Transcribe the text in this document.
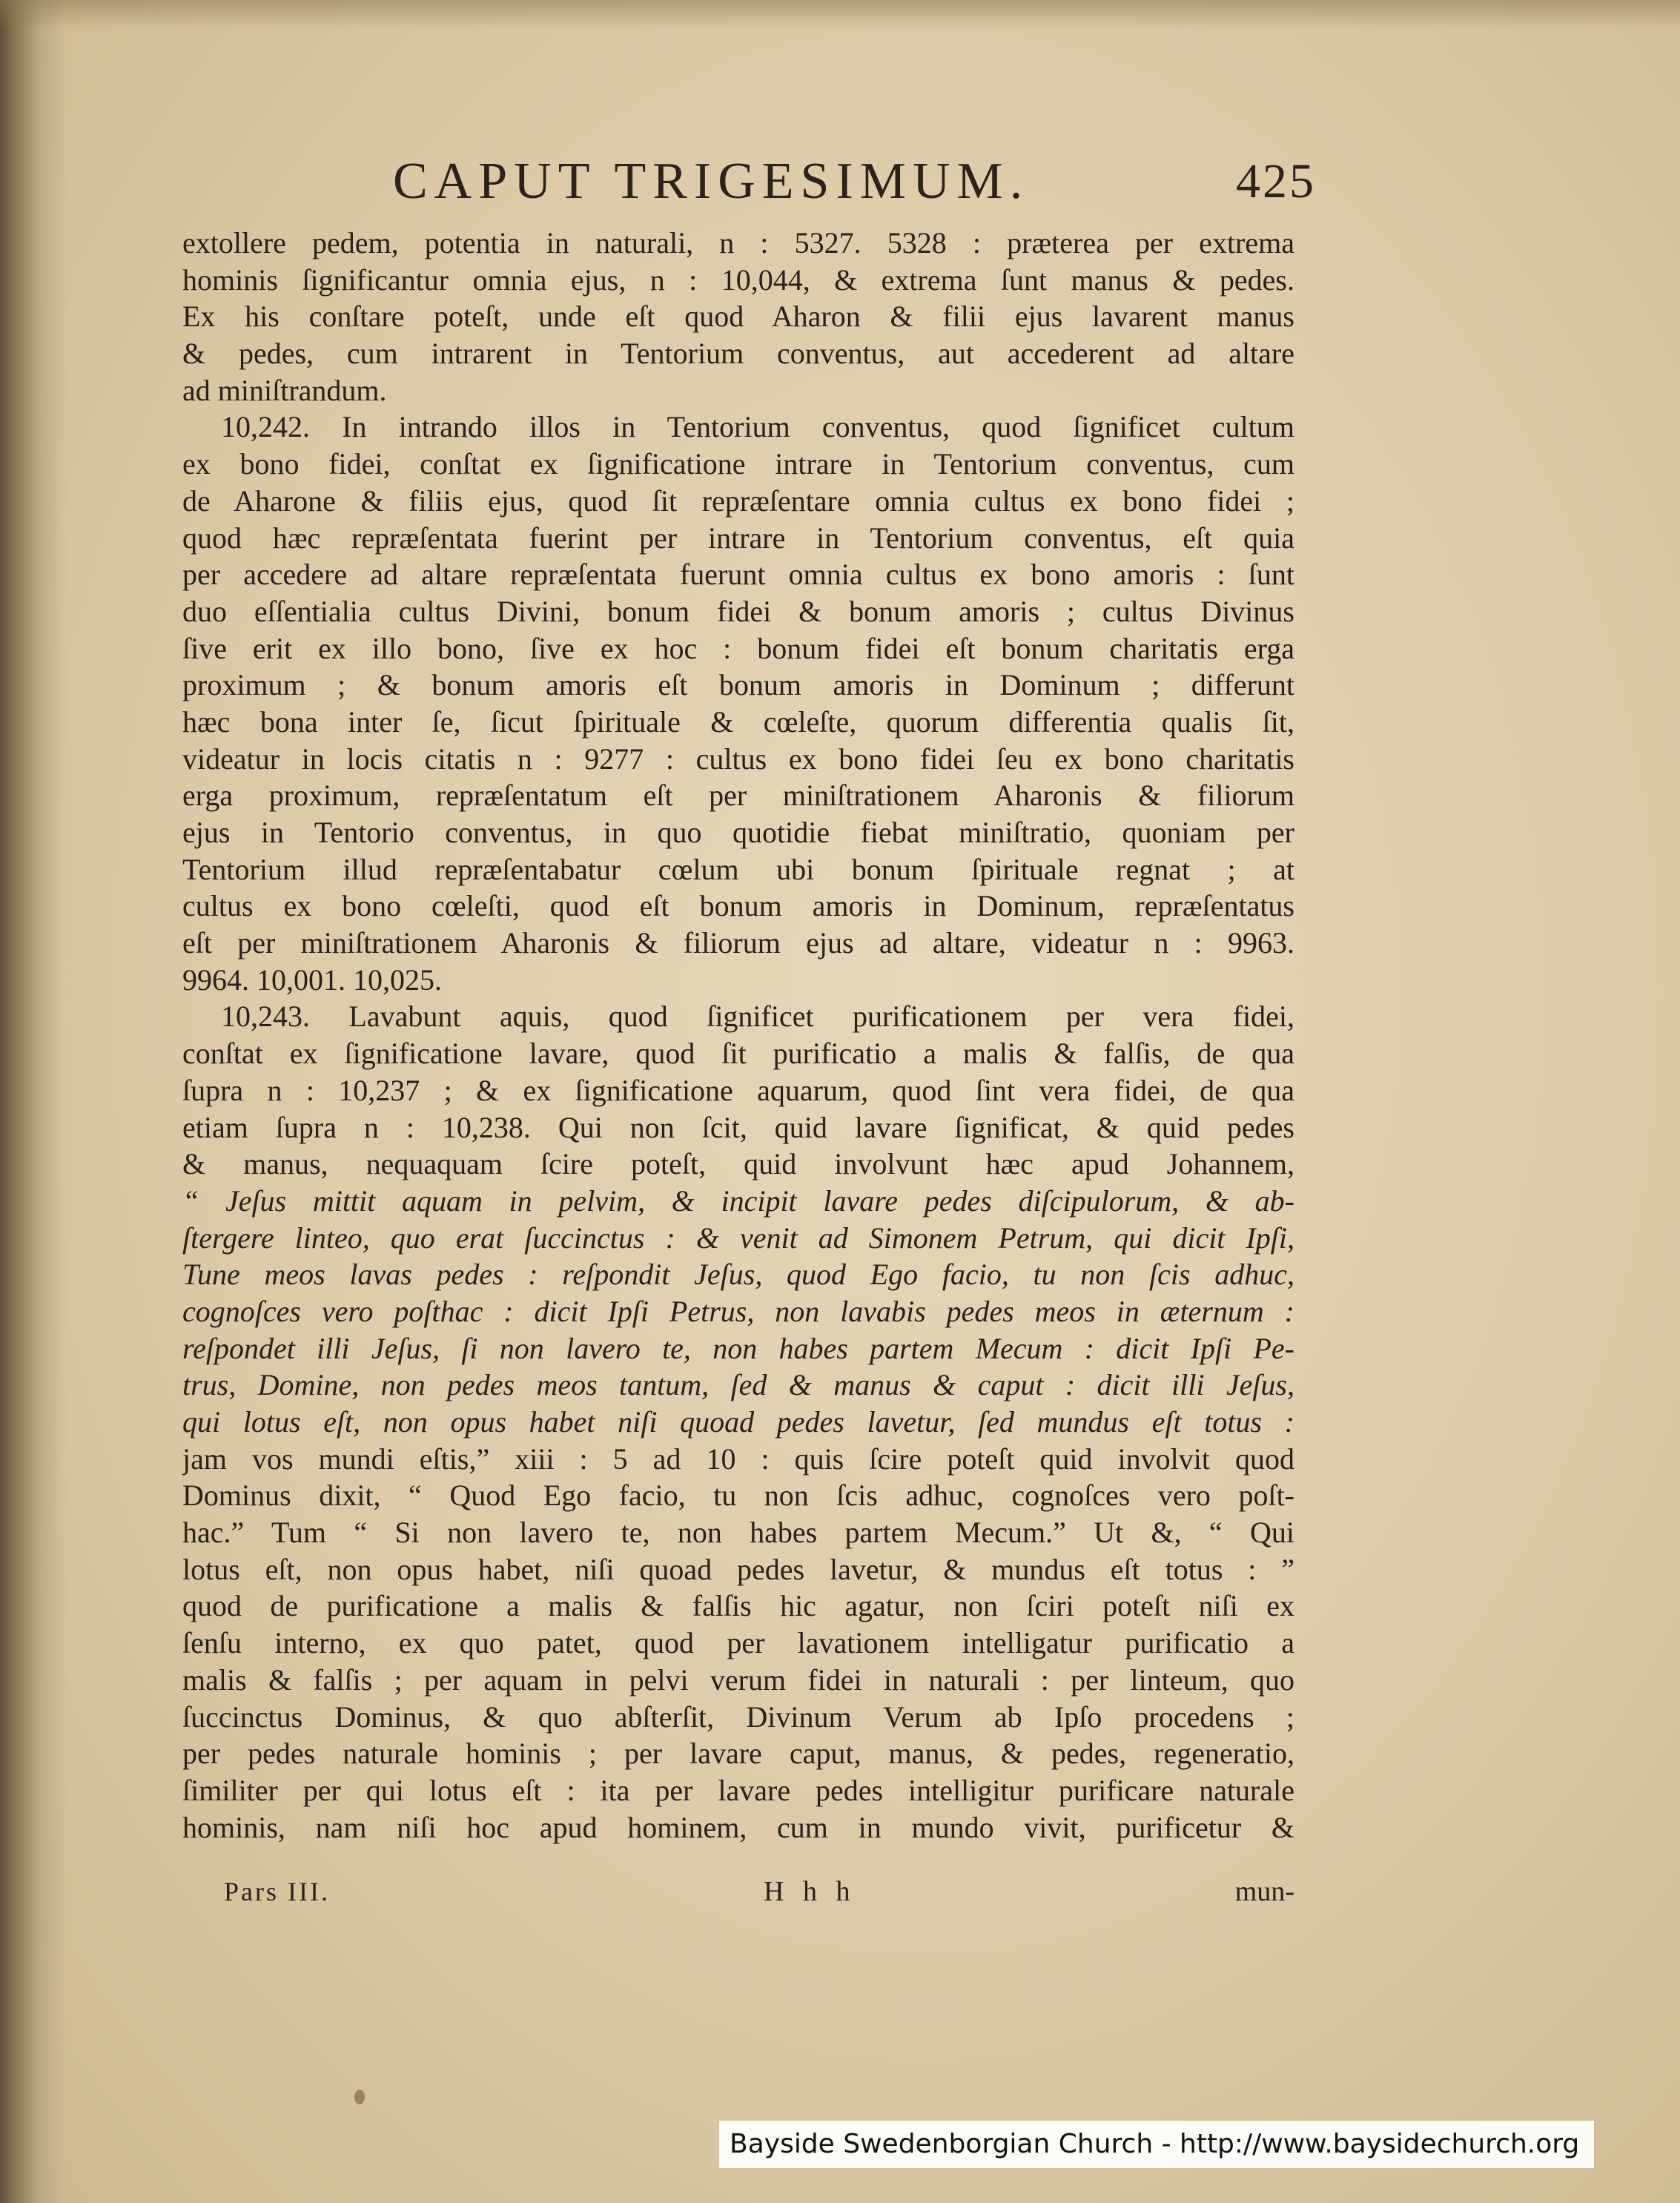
CAPUT TRIGESIMUM.	425
extollere pedem, potentia in naturali, n : 5327. 5328 : præterea per extrema
hominis ſignificantur omnia ejus, n : 10,044, & extrema ſunt manus & pedes.
Ex his conſtare poteſt, unde eſt quod Aharon & filii ejus lavarent manus
& pedes, cum intrarent in Tentorium conventus, aut accederent ad altare
ad miniſtrandum.
10,242. In intrando illos in Tentorium conventus, quod ſignificet cultum
ex bono fidei, conſtat ex ſignificatione intrare in Tentorium conventus, cum
de Aharone & filiis ejus, quod ſit repræſentare omnia cultus ex bono fidei ;
quod hæc repræſentata fuerint per intrare in Tentorium conventus, eſt quia
per accedere ad altare repræſentata fuerunt omnia cultus ex bono amoris : ſunt
duo eſſentialia cultus Divini, bonum fidei & bonum amoris ; cultus Divinus
ſive erit ex illo bono, ſive ex hoc : bonum fidei eſt bonum charitatis erga
proximum ; & bonum amoris eſt bonum amoris in Dominum ; differunt
hæc bona inter ſe, ſicut ſpirituale & cœleſte, quorum differentia qualis ſit,
videatur in locis citatis n : 9277 : cultus ex bono fidei ſeu ex bono charitatis
erga proximum, repræſentatum eſt per miniſtrationem Aharonis & filiorum
ejus in Tentorio conventus, in quo quotidie fiebat miniſtratio, quoniam per
Tentorium illud repræſentabatur cœlum ubi bonum ſpirituale regnat ; at
cultus ex bono cœleſti, quod eſt bonum amoris in Dominum, repræſentatus
eſt per miniſtrationem Aharonis & filiorum ejus ad altare, videatur n : 9963.
9964. 10,001. 10,025.
10,243. Lavabunt aquis, quod ſignificet purificationem per vera fidei,
conſtat ex ſignificatione lavare, quod ſit purificatio a malis & falſis, de qua
ſupra n : 10,237 ; & ex ſignificatione aquarum, quod ſint vera fidei, de qua
etiam ſupra n : 10,238. Qui non ſcit, quid lavare ſignificat, & quid pedes
& manus, nequaquam ſcire poteſt, quid involvunt hæc apud Johannem,
“ Jeſus mittit aquam in pelvim, & incipit lavare pedes diſcipulorum, & ab-
ſtergere linteo, quo erat ſuccinctus : & venit ad Simonem Petrum, qui dicit Ipſi,
Tune meos lavas pedes : reſpondit Jeſus, quod Ego facio, tu non ſcis adhuc,
cognoſces vero poſthac : dicit Ipſi Petrus, non lavabis pedes meos in æternum :
reſpondet illi Jeſus, ſi non lavero te, non habes partem Mecum : dicit Ipſi Pe-
trus, Domine, non pedes meos tantum, ſed & manus & caput : dicit illi Jeſus,
qui lotus eſt, non opus habet niſi quoad pedes lavetur, ſed mundus eſt totus :
jam vos mundi eſtis,” xiii : 5 ad 10 : quis ſcire poteſt quid involvit quod
Dominus dixit, “ Quod Ego facio, tu non ſcis adhuc, cognoſces vero poſt-
hac.” Tum “ Si non lavero te, non habes partem Mecum.” Ut &, “ Qui
lotus eſt, non opus habet, niſi quoad pedes lavetur, & mundus eſt totus : ”
quod de purificatione a malis & falſis hic agatur, non ſciri poteſt niſi ex
ſenſu interno, ex quo patet, quod per lavationem intelligatur purificatio a
malis & falſis ; per aquam in pelvi verum fidei in naturali : per linteum, quo
ſuccinctus Dominus, & quo abſterſit, Divinum Verum ab Ipſo procedens ;
per pedes naturale hominis ; per lavare caput, manus, & pedes, regeneratio,
ſimiliter per qui lotus eſt : ita per lavare pedes intelligitur purificare naturale
hominis, nam niſi hoc apud hominem, cum in mundo vivit, purificetur &
Pars III.	H h h	mun-
Bayside Swedenborgian Church - http://www.baysidechurch.org
